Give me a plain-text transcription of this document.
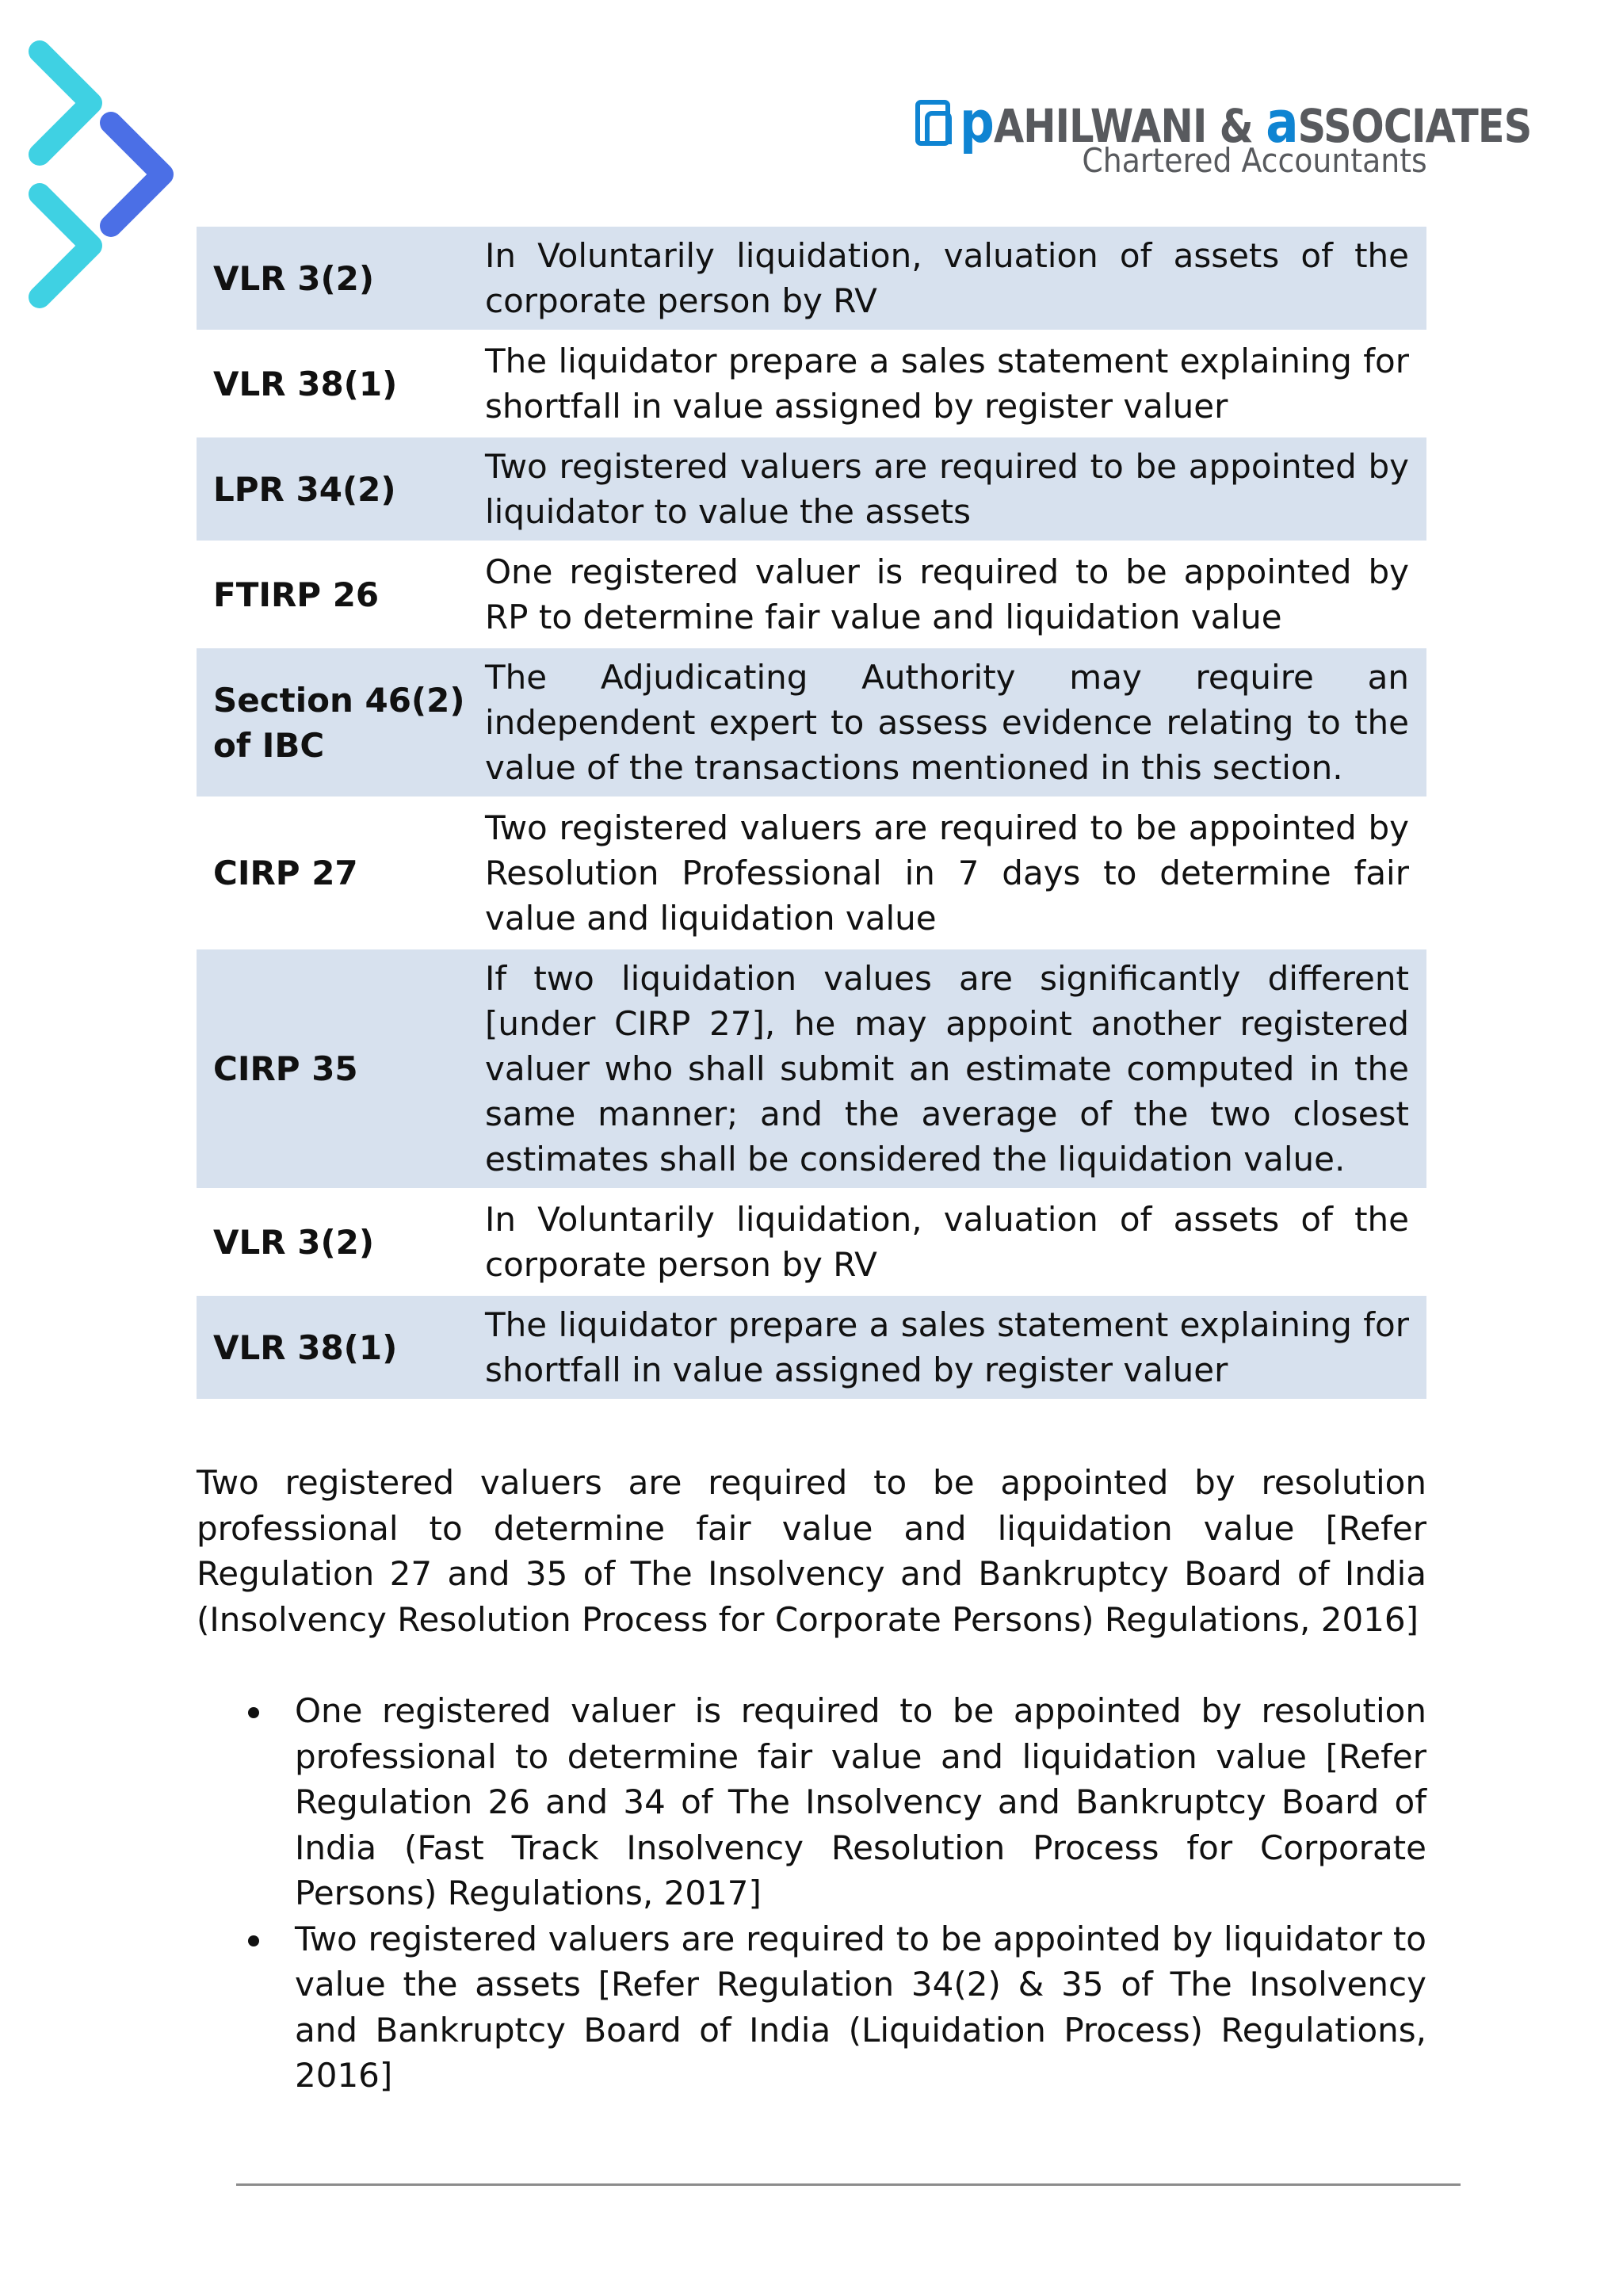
pAHILWANI & aSSOCIATES
Chartered Accountants
VLR 3(2)	In Voluntarily liquidation, valuation of assets of the corporate person by RV
VLR 38(1)	The liquidator prepare a sales statement explaining for shortfall in value assigned by register valuer
LPR 34(2)	Two registered valuers are required to be appointed by liquidator to value the assets
FTIRP 26	One registered valuer is required to be appointed by RP to determine fair value and liquidation value
Section 46(2) of IBC	The Adjudicating Authority may require an independent expert to assess evidence relating to the value of the transactions mentioned in this section.
CIRP 27	Two registered valuers are required to be appointed by Resolution Professional in 7 days to determine fair value and liquidation value
CIRP 35	If two liquidation values are significantly different [under CIRP 27], he may appoint another registered valuer who shall submit an estimate computed in the same manner; and the average of the two closest estimates shall be considered the liquidation value.
VLR 3(2)	In Voluntarily liquidation, valuation of assets of the corporate person by RV
VLR 38(1)	The liquidator prepare a sales statement explaining for shortfall in value assigned by register valuer

Two registered valuers are required to be appointed by resolution professional to determine fair value and liquidation value [Refer Regulation 27 and 35 of The Insolvency and Bankruptcy Board of India (Insolvency Resolution Process for Corporate Persons) Regulations, 2016]

One registered valuer is required to be appointed by resolution professional to determine fair value and liquidation value [Refer Regulation 26 and 34 of The Insolvency and Bankruptcy Board of India (Fast Track Insolvency Resolution Process for Corporate Persons) Regulations, 2017]
Two registered valuers are required to be appointed by liquidator to value the assets [Refer Regulation 34(2) & 35 of The Insolvency and Bankruptcy Board of India (Liquidation Process) Regulations, 2016]
